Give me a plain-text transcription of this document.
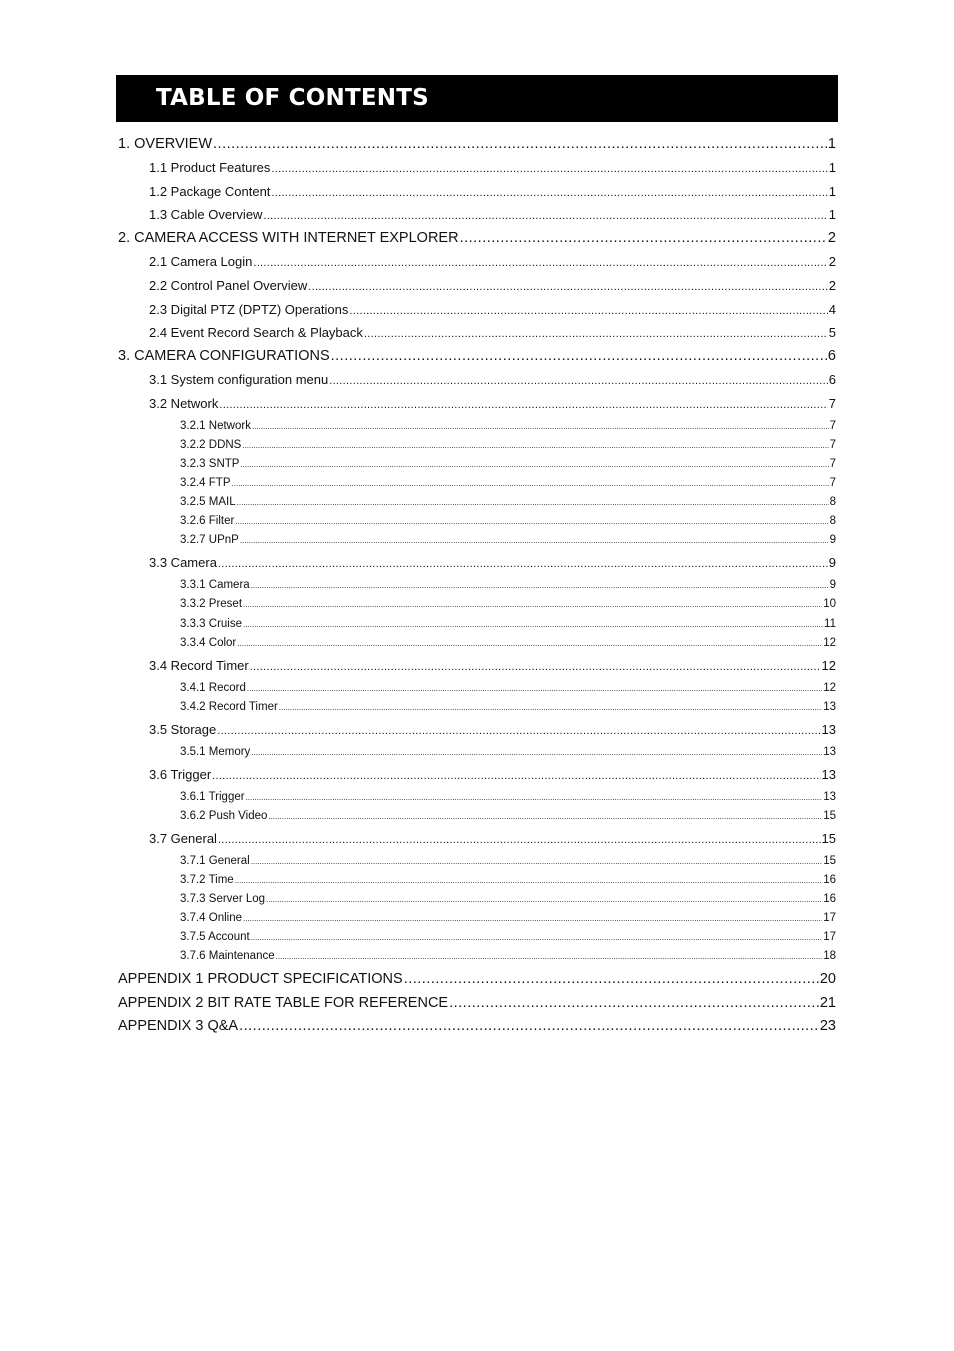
TABLE OF CONTENTS
1. OVERVIEW .....	1
1.1 Product Features .....	1
1.2 Package Content .....	1
1.3 Cable Overview .....	1
2. CAMERA ACCESS WITH INTERNET EXPLORER .....	2
2.1 Camera Login .....	2
2.2 Control Panel Overview .....	2
2.3 Digital PTZ (DPTZ) Operations .....	4
2.4 Event Record Search & Playback .....	5
3. CAMERA CONFIGURATIONS .....	6
3.1 System configuration menu .....	6
3.2 Network .....	7
3.2.1 Network .....	7
3.2.2 DDNS .....	7
3.2.3 SNTP .....	7
3.2.4 FTP .....	7
3.2.5 MAIL .....	8
3.2.6 Filter .....	8
3.2.7 UPnP .....	9
3.3 Camera .....	9
3.3.1 Camera .....	9
3.3.2 Preset .....	10
3.3.3 Cruise .....	11
3.3.4 Color .....	12
3.4 Record Timer .....	12
3.4.1 Record .....	12
3.4.2 Record Timer .....	13
3.5 Storage .....	13
3.5.1 Memory .....	13
3.6 Trigger .....	13
3.6.1 Trigger .....	13
3.6.2 Push Video .....	15
3.7 General .....	15
3.7.1 General .....	15
3.7.2 Time .....	16
3.7.3 Server Log .....	16
3.7.4 Online .....	17
3.7.5 Account .....	17
3.7.6 Maintenance .....	18
APPENDIX 1 PRODUCT SPECIFICATIONS .....	20
APPENDIX 2 BIT RATE TABLE FOR REFERENCE .....	21
APPENDIX 3 Q&A .....	23
